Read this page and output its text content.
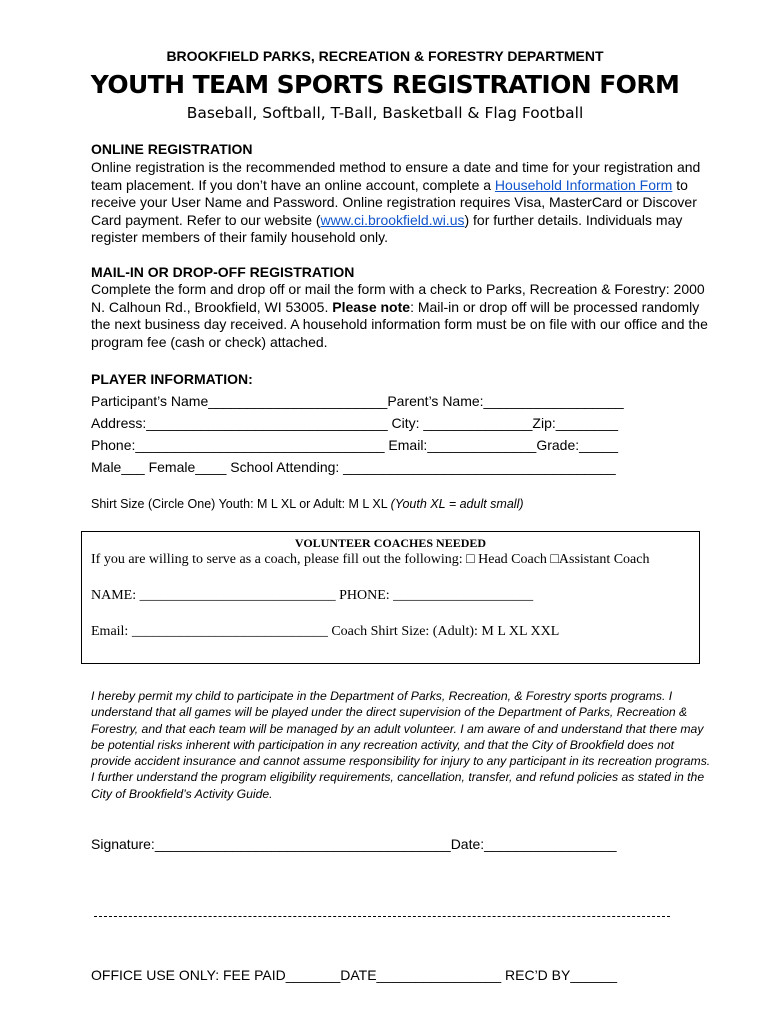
BROOKFIELD PARKS, RECREATION & FORESTRY DEPARTMENT
YOUTH TEAM SPORTS REGISTRATION FORM
Baseball, Softball, T-Ball, Basketball & Flag Football
ONLINE REGISTRATION
Online registration is the recommended method to ensure a date and time for your registration and team placement. If you don’t have an online account, complete a Household Information Form to receive your User Name and Password. Online registration requires Visa, MasterCard or Discover Card payment. Refer to our website (www.ci.brookfield.wi.us) for further details. Individuals may register members of their family household only.
MAIL-IN OR DROP-OFF REGISTRATION
Complete the form and drop off or mail the form with a check to Parks, Recreation & Forestry: 2000 N. Calhoun Rd., Brookfield, WI 53005. Please note: Mail-in or drop off will be processed randomly the next business day received. A household information form must be on file with our office and the program fee (cash or check) attached.
PLAYER INFORMATION:
Participant’s Name_______________________Parent’s Name:__________________
Address:_______________________________ City: ______________Zip:________
Phone:________________________________ Email:______________Grade:_____
Male___ Female____ School Attending: ___________________________________
Shirt Size (Circle One) Youth: M L XL or Adult: M L XL (Youth XL = adult small)
VOLUNTEER COACHES NEEDED
If you are willing to serve as a coach, please fill out the following: □ Head Coach □Assistant Coach
NAME: ____________________________ PHONE: ____________________
Email: ____________________________ Coach Shirt Size: (Adult): M L XL XXL
I hereby permit my child to participate in the Department of Parks, Recreation, & Forestry sports programs. I understand that all games will be played under the direct supervision of the Department of Parks, Recreation & Forestry, and that each team will be managed by an adult volunteer. I am aware of and understand that there may be potential risks inherent with participation in any recreation activity, and that the City of Brookfield does not provide accident insurance and cannot assume responsibility for injury to any participant in its recreation programs. I further understand the program eligibility requirements, cancellation, transfer, and refund policies as stated in the City of Brookfield’s Activity Guide.
Signature:______________________________________Date:_________________
OFFICE USE ONLY: FEE PAID_______DATE________________ REC’D BY______
